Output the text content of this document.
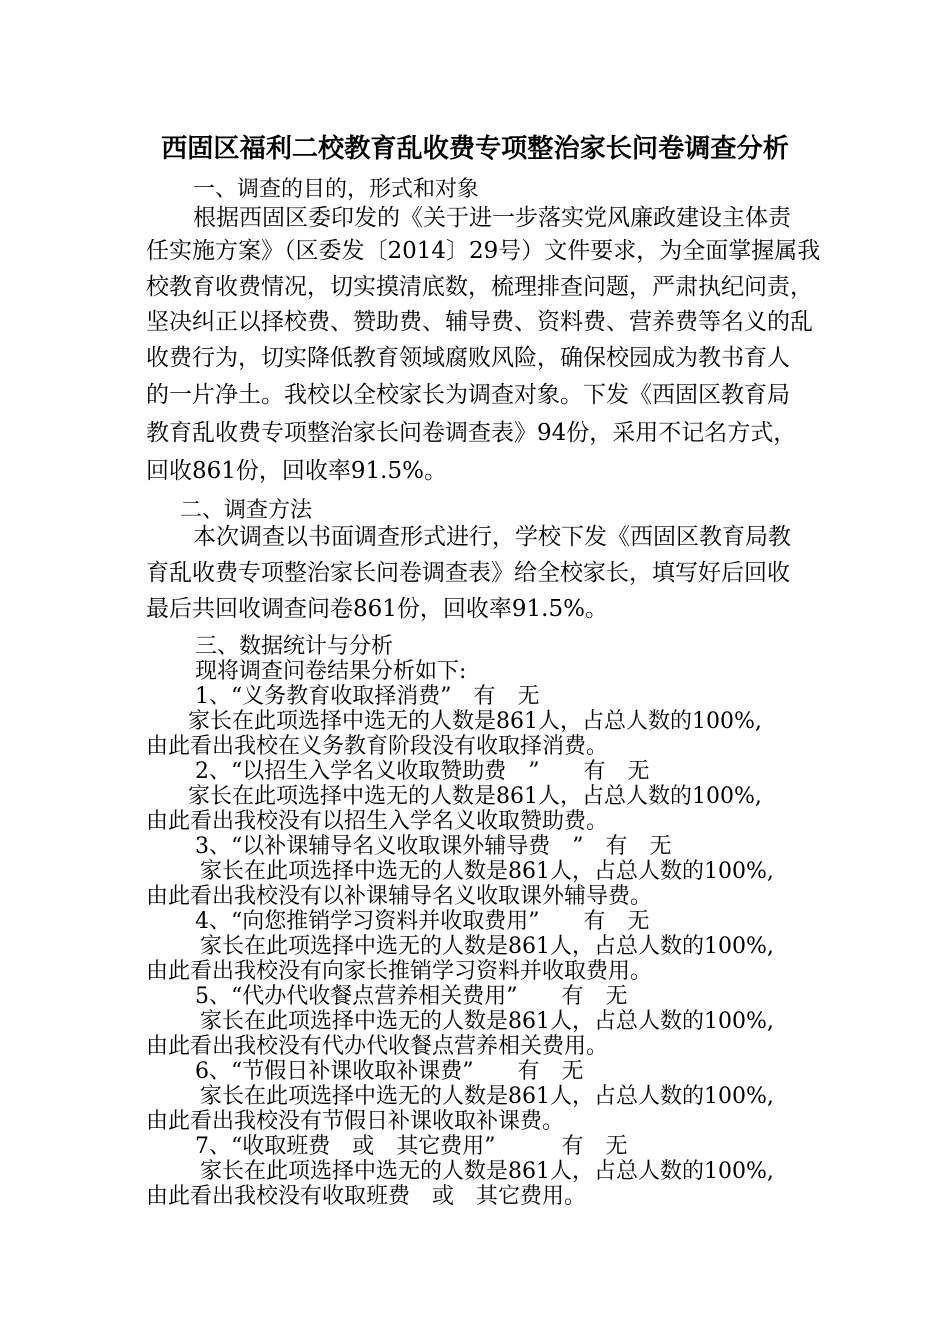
西固区福利二校教育乱收费专项整治家长问卷调查分析
一、调查的目的，形式和对象
根据西固区委印发的《关于进一步落实党风廉政建设主体责
任实施方案》（区委发〔2014〕29号）文件要求，为全面掌握属我
校教育收费情况，切实摸清底数，梳理排查问题，严肃执纪问责，
坚决纠正以择校费、赞助费、辅导费、资料费、营养费等名义的乱
收费行为，切实降低教育领域腐败风险，确保校园成为教书育人
的一片净土。我校以全校家长为调查对象。下发《西固区教育局
教育乱收费专项整治家长问卷调查表》94份，采用不记名方式，
回收861份，回收率91.5%。
二、调查方法
本次调查以书面调查形式进行，学校下发《西固区教育局教
育乱收费专项整治家长问卷调查表》给全校家长，填写好后回收
最后共回收调查问卷861份，回收率91.5%。
三、数据统计与分析
现将调查问卷结果分析如下:
1、“义务教育收取择消费”　有　无
家长在此项选择中选无的人数是861人，占总人数的100%,
由此看出我校在义务教育阶段没有收取择消费。
2、“以招生入学名义收取赞助费　”　　有　无
家长在此项选择中选无的人数是861人，占总人数的100%,
由此看出我校没有以招生入学名义收取赞助费。
3、“以补课辅导名义收取课外辅导费　”　有　无
家长在此项选择中选无的人数是861人，占总人数的100%,
由此看出我校没有以补课辅导名义收取课外辅导费。
4、“向您推销学习资料并收取费用”　　有　无
家长在此项选择中选无的人数是861人，占总人数的100%,
由此看出我校没有向家长推销学习资料并收取费用。
5、“代办代收餐点营养相关费用”　　有　无
家长在此项选择中选无的人数是861人，占总人数的100%,
由此看出我校没有代办代收餐点营养相关费用。
6、“节假日补课收取补课费”　　有　无
家长在此项选择中选无的人数是861人，占总人数的100%,
由此看出我校没有节假日补课收取补课费。
7、“收取班费　或　其它费用”　　　有　无
家长在此项选择中选无的人数是861人，占总人数的100%,
由此看出我校没有收取班费　或　其它费用。
